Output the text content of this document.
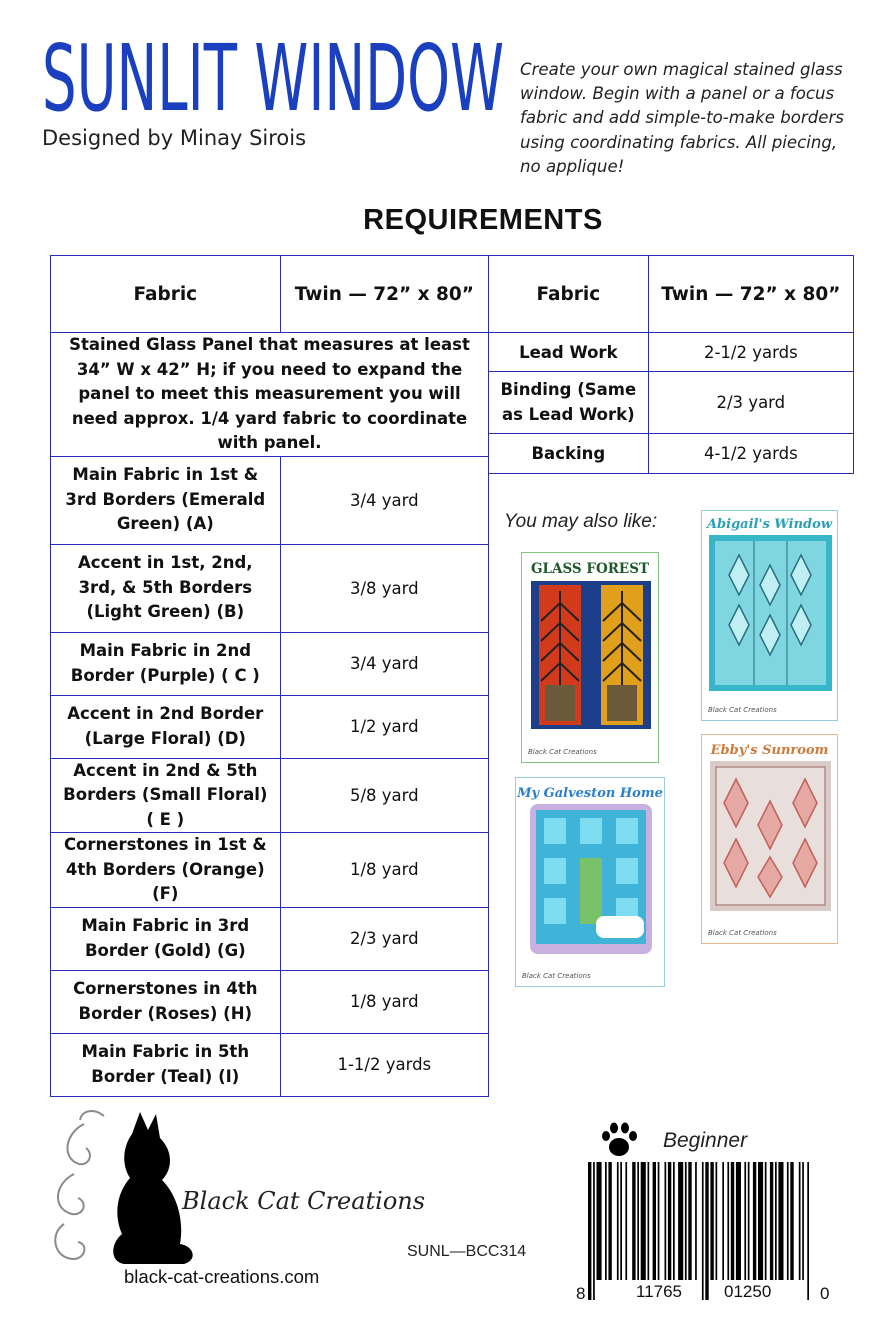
SUNLIT WINDOW
Designed by Minay Sirois
Create your own magical stained glass window. Begin with a panel or a focus fabric and add simple-to-make borders using coordinating fabrics. All piecing, no applique!
REQUIREMENTS
Fabric	Twin — 72” x 80”
Stained Glass Panel that measures at least 34” W x 42” H; if you need to expand the panel to meet this measurement you will need approx. 1/4 yard fabric to coordinate with panel.	
Main Fabric in 1st & 3rd Borders (Emerald Green) (A)	3/4 yard
Accent in 1st, 2nd, 3rd, & 5th Borders (Light Green) (B)	3/8 yard
Main Fabric in 2nd Border (Purple) ( C )	3/4 yard
Accent in 2nd Border (Large Floral) (D)	1/2 yard
Accent in 2nd & 5th Borders (Small Floral) ( E )	5/8 yard
Cornerstones in 1st & 4th Borders (Orange) (F)	1/8 yard
Main Fabric in 3rd Border (Gold) (G)	2/3 yard
Cornerstones in 4th Border (Roses) (H)	1/8 yard
Main Fabric in 5th Border (Teal) (I)	1-1/2 yards
Fabric	Twin — 72” x 80”
Lead Work	2-1/2 yards
Binding (Same as Lead Work)	2/3 yard
Backing	4-1/2 yards
You may also like:
GLASS FOREST
Black Cat Creations
Abigail's Window
Black Cat Creations
My Galveston Home
Black Cat Creations
Ebby's Sunroom
Black Cat Creations
Black Cat Creations
black-cat-creations.com
SUNL—BCC314
Beginner
8	11765 01250	0
